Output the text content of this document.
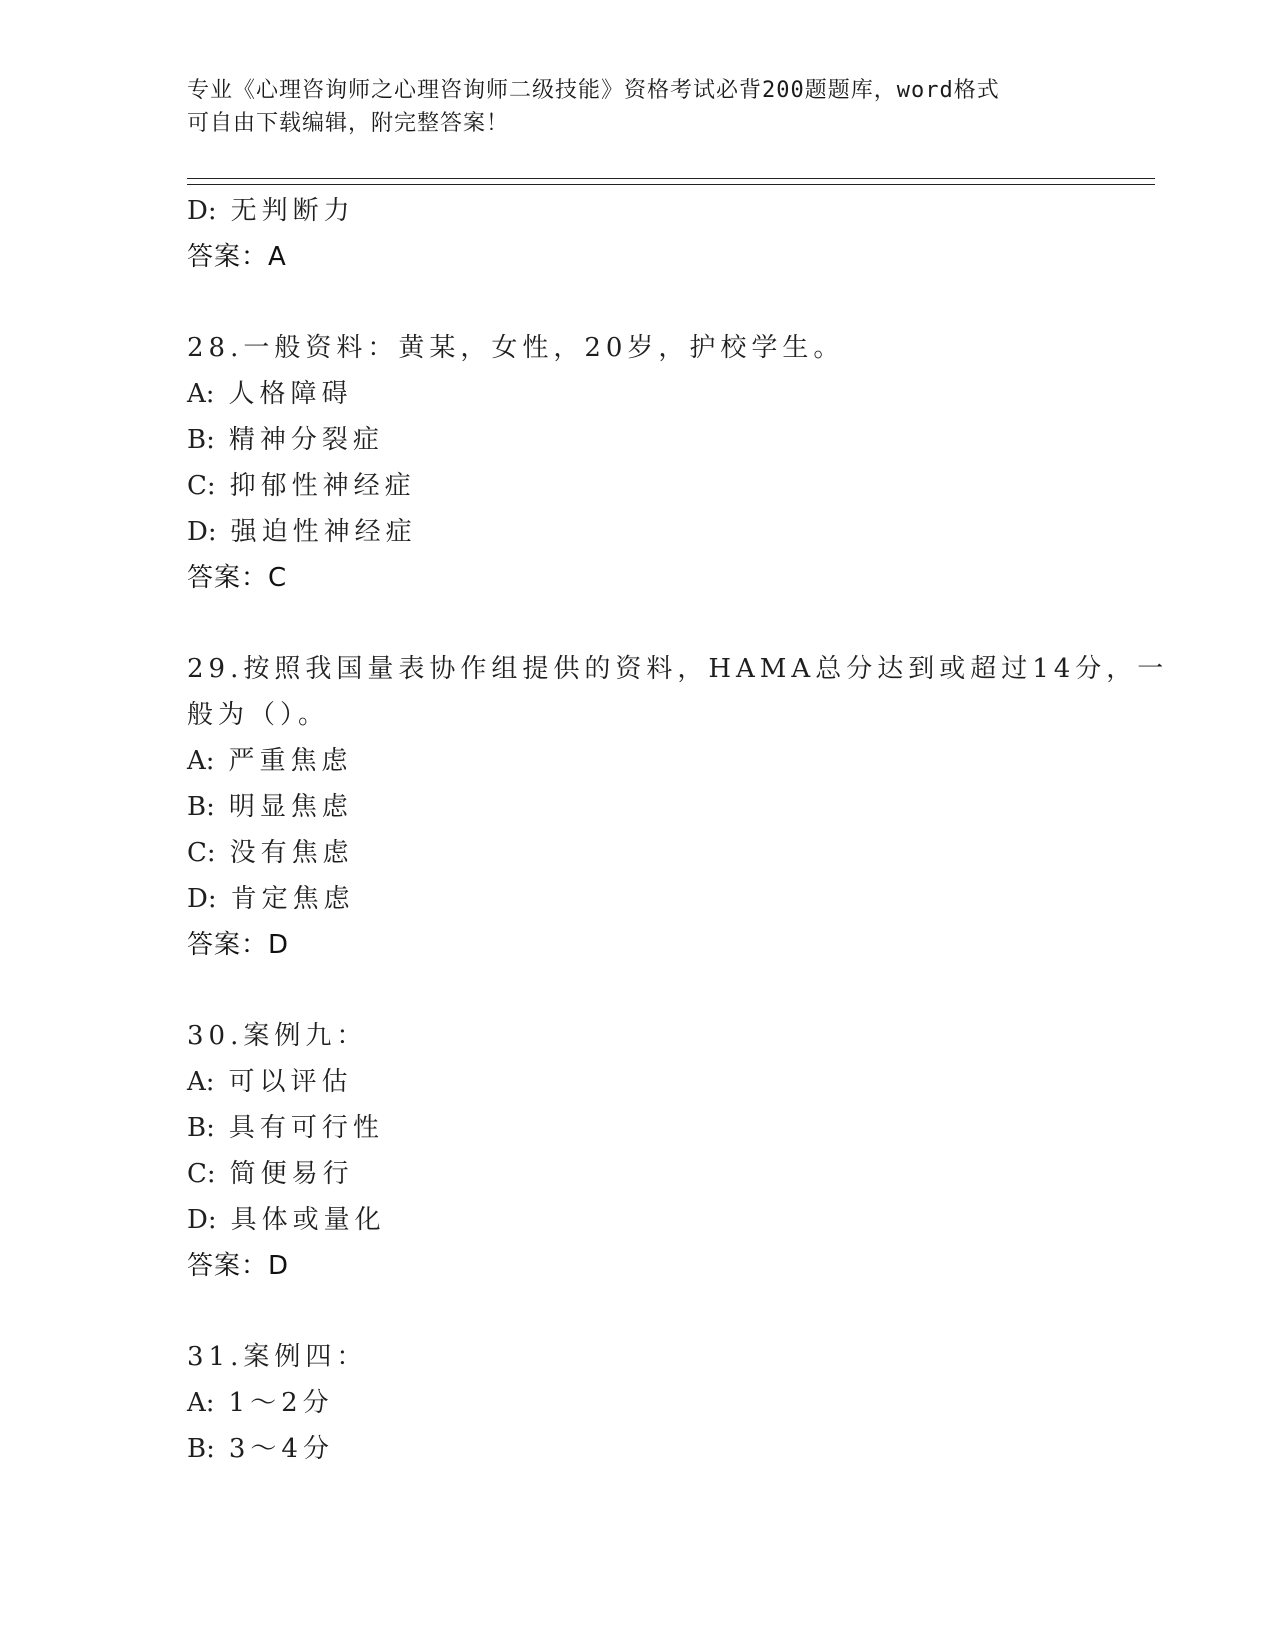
专业《心理咨询师之心理咨询师二级技能》资格考试必背200题题库，word格式
可自由下载编辑，附完整答案！
D: 无判断力
答案：A
28.一般资料：黄某，女性，20岁，护校学生。
A: 人格障碍
B: 精神分裂症
C: 抑郁性神经症
D: 强迫性神经症
答案：C
29.按照我国量表协作组提供的资料，HAMA总分达到或超过14分，一
般为（）。
A: 严重焦虑
B: 明显焦虑
C: 没有焦虑
D: 肯定焦虑
答案：D
30.案例九：
A: 可以评估
B: 具有可行性
C: 简便易行
D: 具体或量化
答案：D
31.案例四：
A: 1～2分
B: 3～4分
